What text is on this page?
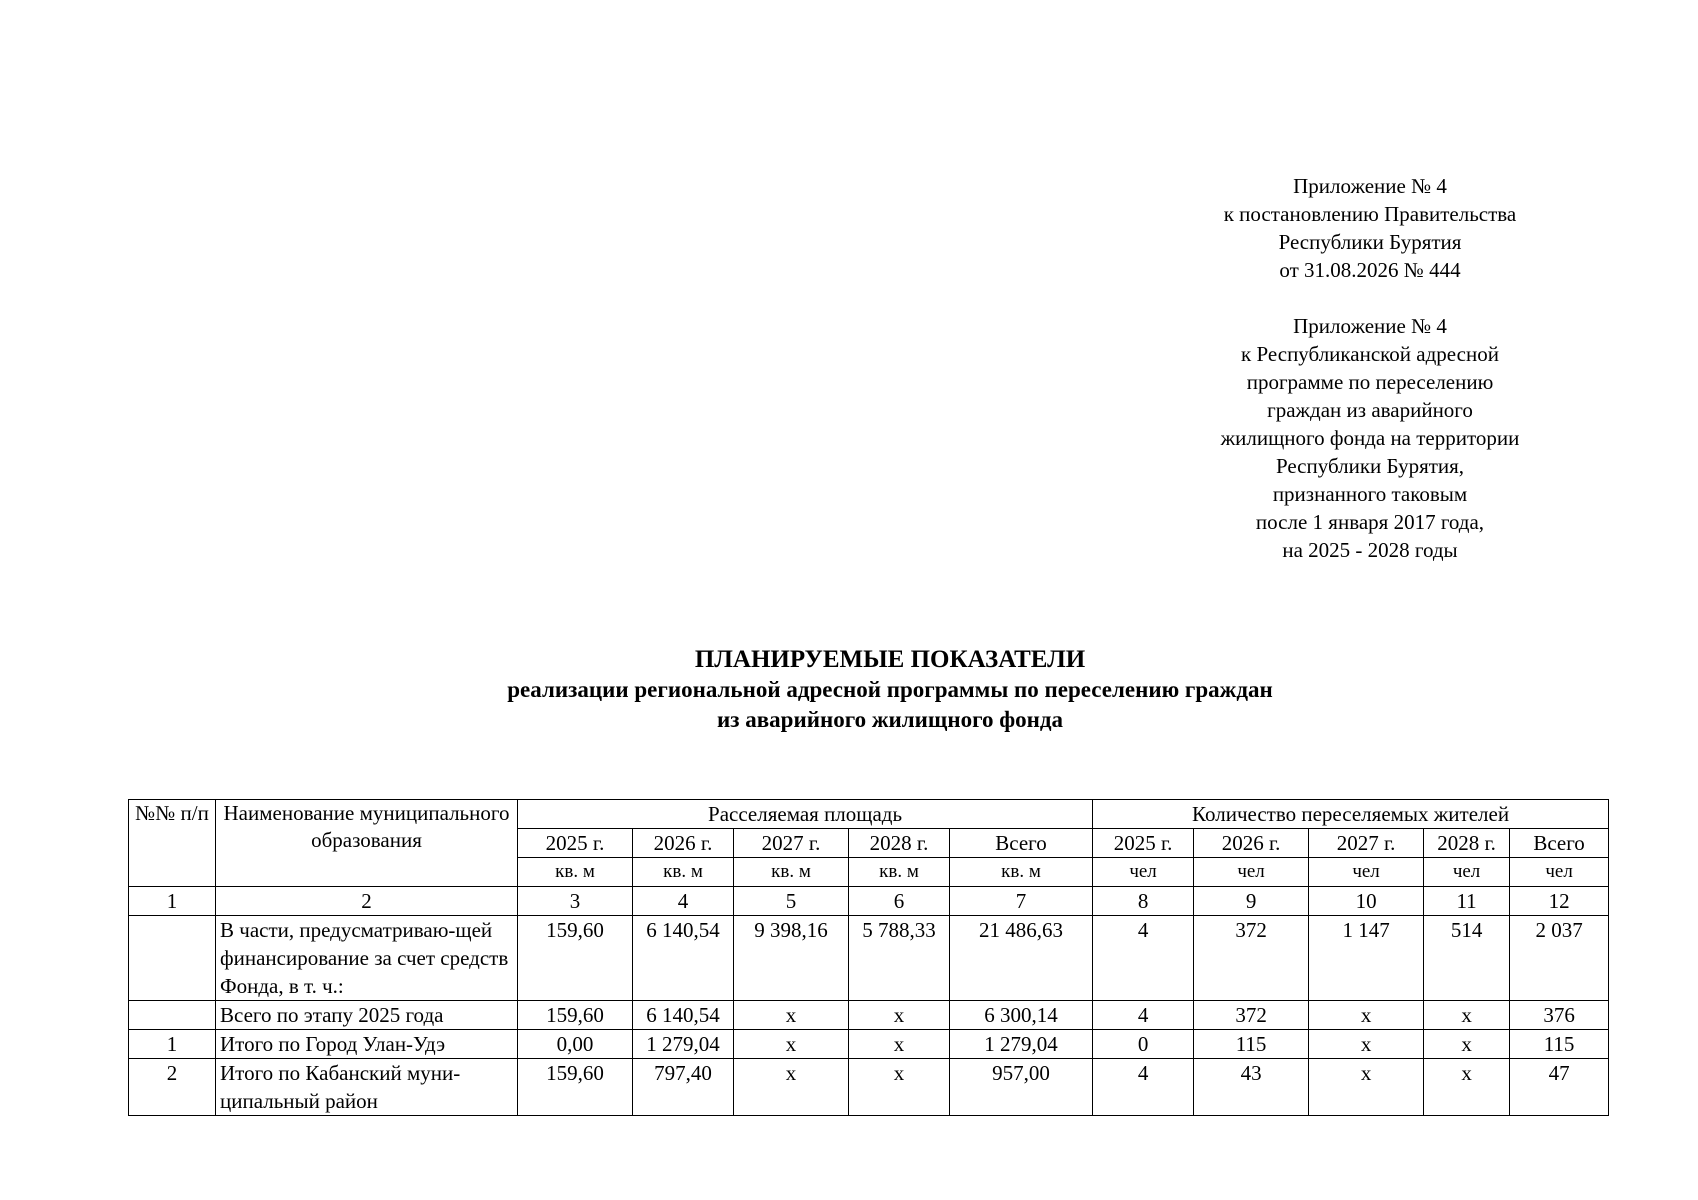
Приложение № 4
к постановлению Правительства
Республики Бурятия
от 31.08.2026 № 444
Приложение № 4
к Республиканской адресной
программе по переселению
граждан из аварийного
жилищного фонда на территории
Республики Бурятия,
признанного таковым
после 1 января 2017 года,
на 2025 - 2028 годы
ПЛАНИРУЕМЫЕ ПОКАЗАТЕЛИ
реализации региональной адресной программы по переселению граждан
из аварийного жилищного фонда
№№ п/п	Наименование муниципального образования	Расселяемая площадь					Количество переселяемых жителей				
		2025 г.	2026 г.	2027 г.	2028 г.	Всего	2025 г.	2026 г.	2027 г.	2028 г.	Всего
		кв. м	кв. м	кв. м	кв. м	кв. м	чел	чел	чел	чел	чел
1	2	3	4	5	6	7	8	9	10	11	12
	В части, предусматриваю-щей финансирование за счет средств Фонда, в т. ч.:	159,60	6 140,54	9 398,16	5 788,33	21 486,63	4	372	1 147	514	2 037
	Всего по этапу 2025 года	159,60	6 140,54	х	х	6 300,14	4	372	х	х	376
1	Итого по Город Улан-Удэ	0,00	1 279,04	х	х	1 279,04	0	115	х	х	115
2	Итого по Кабанский муни-ципальный район	159,60	797,40	х	х	957,00	4	43	х	х	47
